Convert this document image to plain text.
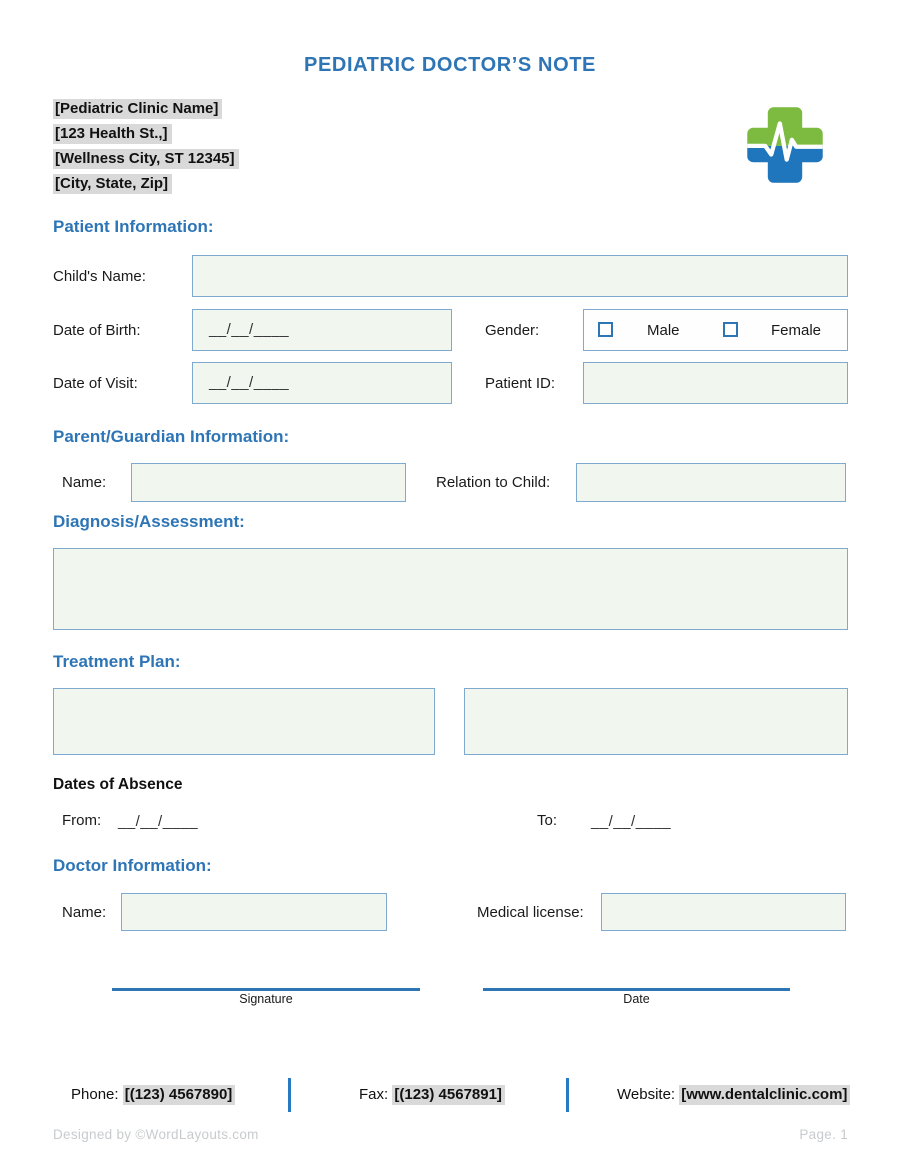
PEDIATRIC DOCTOR’S NOTE
[Pediatric Clinic Name]
[123 Health St.,]
[Wellness City, ST 12345]
[City, State, Zip]
Patient Information:
Child's Name:
Date of Birth:	__/__/____	Gender:	Male	Female
Date of Visit:	__/__/____	Patient ID:
Parent/Guardian Information:
Name:	Relation to Child:
Diagnosis/Assessment:
Treatment Plan:
Dates of Absence
From: __/__/____	To: __/__/____
Doctor Information:
Name:	Medical license:
Signature	Date
Phone: [(123) 4567890]	Fax: [(123) 4567891]	Website: [www.dentalclinic.com]
Designed by ©WordLayouts.com	Page. 1
